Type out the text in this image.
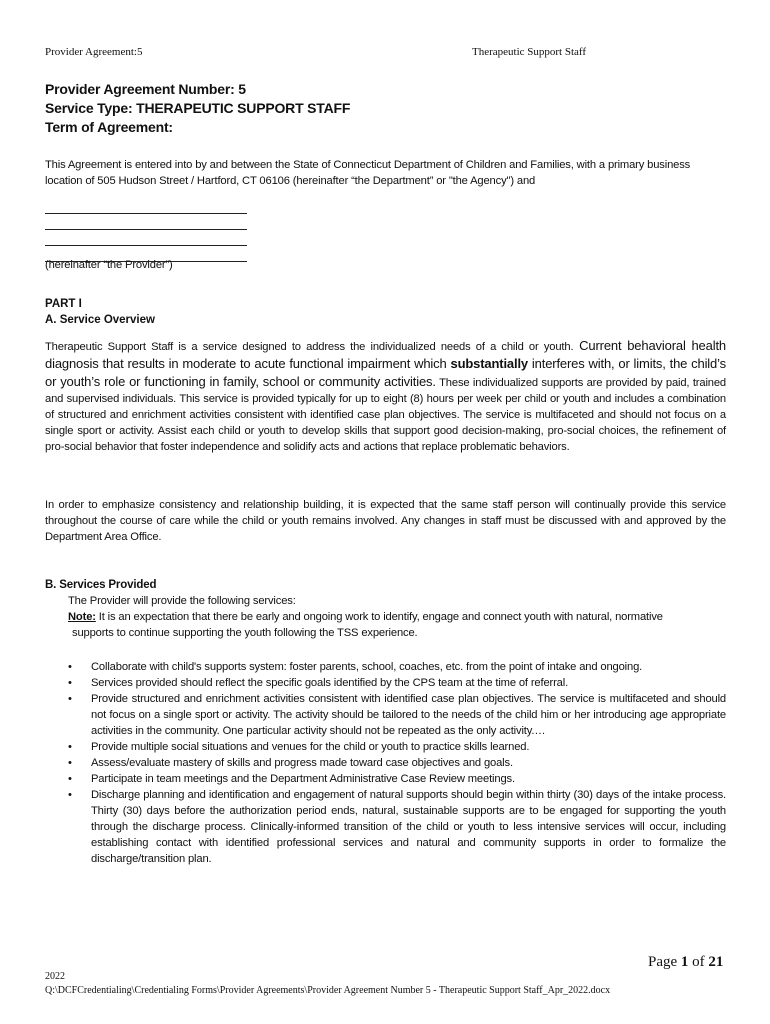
Provider Agreement:5	Therapeutic Support Staff
Provider Agreement Number: 5
Service Type: THERAPEUTIC SUPPORT STAFF
Term of Agreement:
This Agreement is entered into by and between the State of Connecticut Department of Children and Families, with a primary business location of 505 Hudson Street / Hartford, CT 06106 (hereinafter “the Department” or "the Agency") and
(hereinafter “the Provider”)
PART I
A. Service Overview
Therapeutic Support Staff is a service designed to address the individualized needs of a child or youth. Current behavioral health diagnosis that results in moderate to acute functional impairment which substantially interferes with, or limits, the child’s or youth’s role or functioning in family, school or community activities. These individualized supports are provided by paid, trained and supervised individuals. This service is provided typically for up to eight (8) hours per week per child or youth and includes a combination of structured and enrichment activities consistent with identified case plan objectives. The service is multifaceted and should not focus on a single sport or activity. Assist each child or youth to develop skills that support good decision-making, pro-social choices, the refinement of pro-social behavior that foster independence and solidify acts and actions that replace problematic behaviors.
In order to emphasize consistency and relationship building, it is expected that the same staff person will continually provide this service throughout the course of care while the child or youth remains involved. Any changes in staff must be discussed with and approved by the Department Area Office.
B. Services Provided
The Provider will provide the following services:
Note: It is an expectation that there be early and ongoing work to identify, engage and connect youth with natural, normative
supports to continue supporting the youth following the TSS experience.
• Collaborate with child's supports system: foster parents, school, coaches, etc. from the point of intake and ongoing.
• Services provided should reflect the specific goals identified by the CPS team at the time of referral.
• Provide structured and enrichment activities consistent with identified case plan objectives. The service is multifaceted and should not focus on a single sport or activity. The activity should be tailored to the needs of the child him or her introducing age appropriate activities in the community. One particular activity should not be repeated as the only activity.…
• Provide multiple social situations and venues for the child or youth to practice skills learned.
• Assess/evaluate mastery of skills and progress made toward case objectives and goals.
• Participate in team meetings and the Department Administrative Case Review meetings.
• Discharge planning and identification and engagement of natural supports should begin within thirty (30) days of the intake process. Thirty (30) days before the authorization period ends, natural, sustainable supports are to be engaged for supporting the youth through the discharge process. Clinically-informed transition of the child or youth to less intensive services will occur, including establishing contact with identified professional services and natural and community supports in order to formalize the discharge/transition plan.
Page 1 of 21
2022
Q:\DCFCredentialing\Credentialing Forms\Provider Agreements\Provider Agreement Number 5 - Therapeutic Support Staff_Apr_2022.docx
